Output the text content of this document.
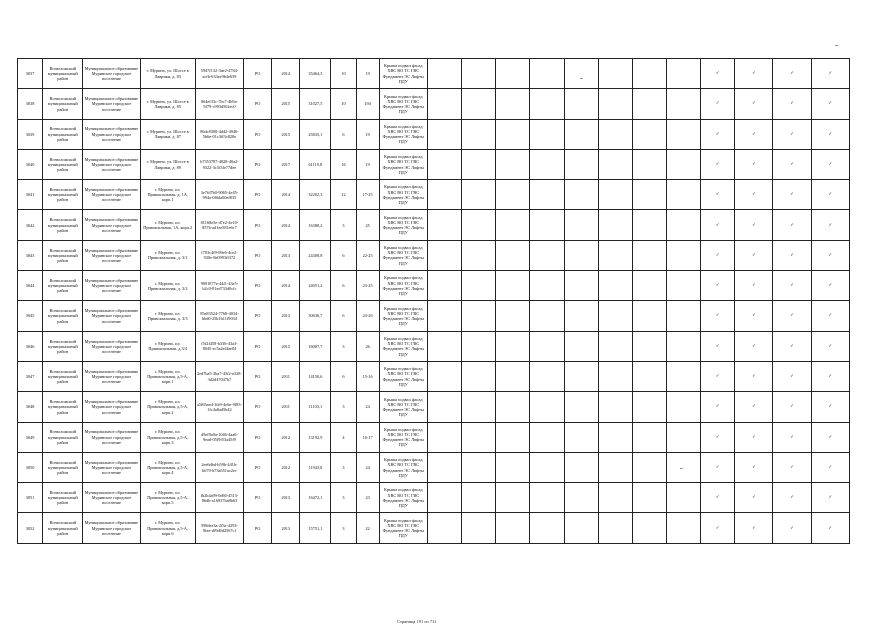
3037	Всеволожский муниципальный район	Муниципальное образование Муринское городское поселение	г. Мурино, ул. Шоссе в Лаврики, д. 83	5947f132-3ae2-4784-acfb-633ee9b4e659	РО	2014	35464,3	10	19	Крыша подвал фасад ХВС ВО ТС ГВС Фундамент ЭС Лифты ПДУ									✓	✓	✓	✓
3038	Всеволожский муниципальный район	Муниципальное образование Муринское городское поселение	г. Мурино, ул. Шоссе в Лаврики, д. 85	064ef33c-7bc7-4b9a-9f79-c993d502ec0	РО	2015	31027,5	10	194	Крыша подвал фасад ХВС ВО ТС ГВС Фундамент ЭС Лифты ПДУ									✓	✓	✓	✓
3039	Всеволожский муниципальный район	Муниципальное образование Муринское городское поселение	г. Мурино, ул. Шоссе в Лаврики, д. 87	86dc8300-4d42-4946-5b6e-01c3ff3c820e	РО	2015	25835,1	6	19	Крыша подвал фасад ХВС ВО ТС ГВС Фундамент ЭС Лифты ПДУ									✓	✓	✓	✓
3040	Всеволожский муниципальный район	Муниципальное образование Муринское городское поселение	г. Мурино, ул. Шоссе в Лаврики, д. 89	b7353787-4028-40a2-9322-3c5f3fe77dee	РО	2017	61119,8	16	19	Крыша подвал фасад ХВС ВО ТС ГВС Фундамент ЭС Лифты ПДУ									✓	✓	✓	✓
3041	Всеволожский муниципальный район	Муниципальное образование Муринское городское поселение	г. Мурино, пл. Привокзальная, д. 1А, корп.1	3e7fd7b0-9065-4e45-994a-0f0da00ef835	РО	2014	32202,3	12	17-25	Крыша подвал фасад ХВС ВО ТС ГВС Фундамент ЭС Лифты ПДУ									✓	✓	✓	✓
3042	Всеволожский муниципальный район	Муниципальное образование Муринское городское поселение	г. Мурино, пл. Привокзальная, 1А, корп.2	81168e5e-d7e2-4e10-857b-ad1ee581e6c7	РО	2014	16388,2	3	25	Крыша подвал фасад ХВС ВО ТС ГВС Фундамент ЭС Лифты ПДУ									✓	✓	✓	✓
3043	Всеволожский муниципальный район	Муниципальное образование Муринское городское поселение	г. Мурино, пл. Привокзальная, д. 3/1	f703c4f9-09e6-4ce2-930e-8e0993ff372	РО	2013	24308,8	6	22-25	Крыша подвал фасад ХВС ВО ТС ГВС Фундамент ЭС Лифты ПДУ									✓	✓	✓	✓
3044	Всеволожский муниципальный район	Муниципальное образование Муринское городское поселение	г. Мурино, пл. Привокзальная, д. 3/2	9091877e-44f1-43e5-b2c0-81ed733d0cfc	РО	2014	24051,2	6	23-25	Крыша подвал фасад ХВС ВО ТС ГВС Фундамент ЭС Лифты ПДУ									✓	✓	✓	✓
3045	Всеволожский муниципальный район	Муниципальное образование Муринское городское поселение	г. Мурино, пл. Привокзальная, д. 3/3	95a83524-7768-4034-bbd0-25b1b11f9034	РО	2013	30636,7	6	23-26	Крыша подвал фасад ХВС ВО ТС ГВС Фундамент ЭС Лифты ПДУ									✓	✓	✓	✓
3046	Всеволожский муниципальный район	Муниципальное образование Муринское городское поселение	г. Мурино, пл. Привокзальная, д.3/4	f5f2f458-b336-43a3-8045-ec5a2e4fae04	РО	2015	16007,7	3	26	Крыша подвал фасад ХВС ВО ТС ГВС Фундамент ЭС Лифты ПДУ									✓	✓	✓	✓
3047	Всеволожский муниципальный район	Муниципальное образование Муринское городское поселение	г. Мурино, пл. Привокзальная, д.5-А, корп.1	2ed7ba5-3ba7-43f2-a328-3d2d47047b7	РО	2011	14150,6	6	15-16	Крыша подвал фасад ХВС ВО ТС ГВС Фундамент ЭС Лифты ПДУ									✓	✓	✓	✓
3048	Всеволожский муниципальный район	Муниципальное образование Муринское городское поселение	г. Мурино, пл. Привокзальная, д.5-А, корп.2	a5f65aed-1fe9-4e6e-9f83-1fc4a8ad5b42	РО	2011	11103,1	3	24	Крыша подвал фасад ХВС ВО ТС ГВС Фундамент ЭС Лифты ПДУ									✓	✓	✓	✓
3049	Всеволожский муниципальный район	Муниципальное образование Муринское городское поселение	г. Мурино, пл. Привокзальная, д.5-А, корп.3	d9ef9a9a-1046-4aa6-9ead-05f9f53a45f9	РО	2012	13192,9	4	16-17	Крыша подвал фасад ХВС ВО ТС ГВС Фундамент ЭС Лифты ПДУ									✓	✓	✓	✓
3050	Всеволожский муниципальный район	Муниципальное образование Муринское городское поселение	г. Мурино, пл. Привокзальная, д.5-А, корп.4	2ee6dbd-b59b-441b-b670-b73a551ac2ec	РО	2012	11943,8	3	24	Крыша подвал фасад ХВС ВО ТС ГВС Фундамент ЭС Лифты ПДУ									✓	✓	✓	✓
3051	Всеволожский муниципальный район	Муниципальное образование Муринское городское поселение	г. Мурино, пл. Привокзальная, д.5-А, корп.5	fb2b4a99-0d60-4513-86db-a16937ba8b63	РО	2013	16472,1	3	23	Крыша подвал фасад ХВС ВО ТС ГВС Фундамент ЭС Лифты ПДУ									✓	✓	✓	✓
3052	Всеволожский муниципальный район	Муниципальное образование Муринское городское поселение	г. Мурино, пл. Привокзальная, д.5-А, корп.6	598dee3a-2f5a-4293-9fae-df9d0d2567cf	РО	2013	15751,1	3	22	Крыша подвал фасад ХВС ВО ТС ГВС Фундамент ЭС Лифты ПДУ									✓	✓	✓	✓
Страница 191 из 711
